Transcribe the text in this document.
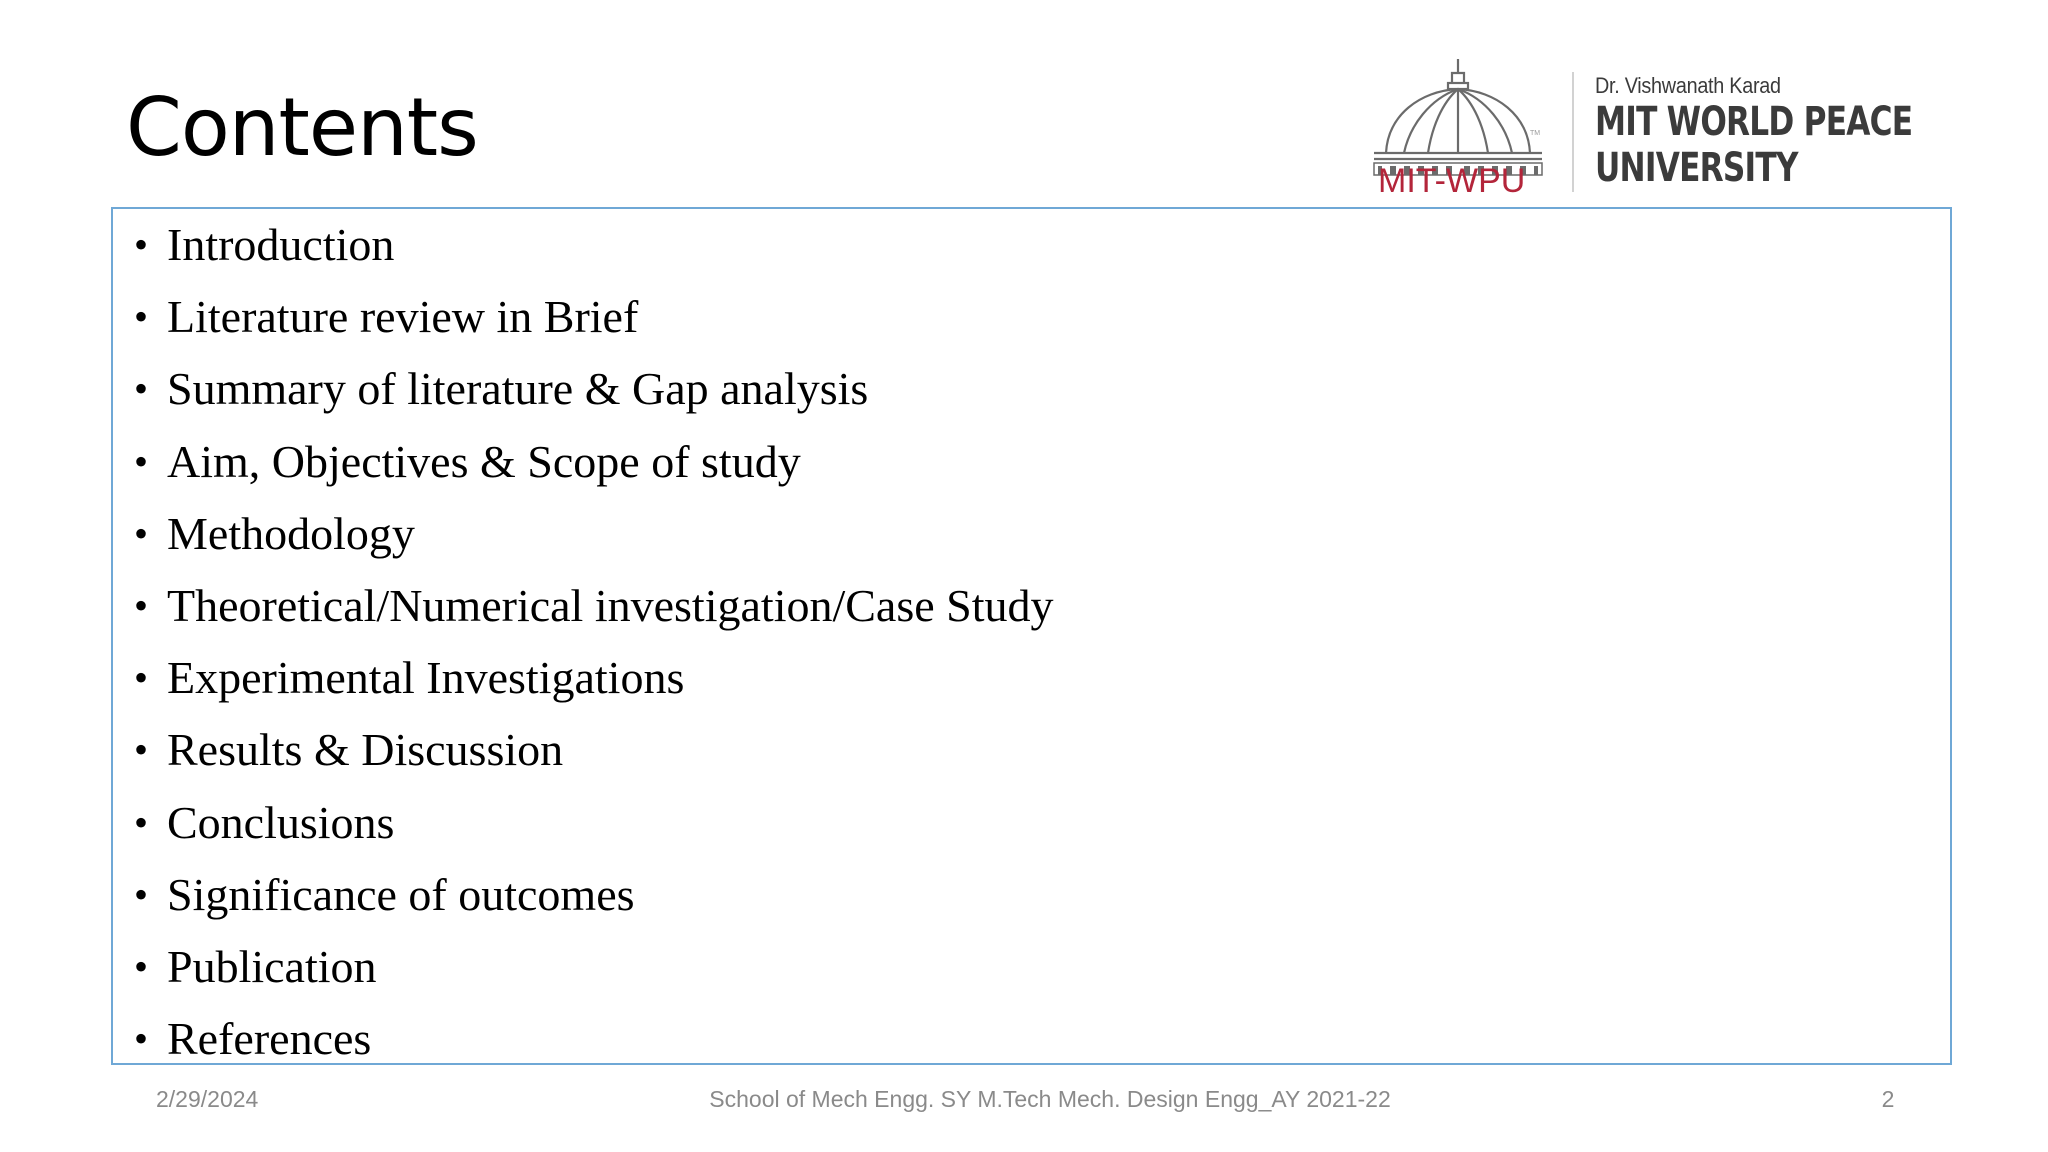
Contents	TM
MIT-WPU
Dr. Vishwanath Karad
MIT WORLD PEACE
UNIVERSITY
• Introduction
• Literature review in Brief
• Summary of literature & Gap analysis
• Aim, Objectives & Scope of study
• Methodology
• Theoretical/Numerical investigation/Case Study
• Experimental Investigations
• Results & Discussion
• Conclusions
• Significance of outcomes
• Publication
• References
2/29/2024	School of Mech Engg. SY M.Tech Mech. Design Engg_AY 2021-22	2
